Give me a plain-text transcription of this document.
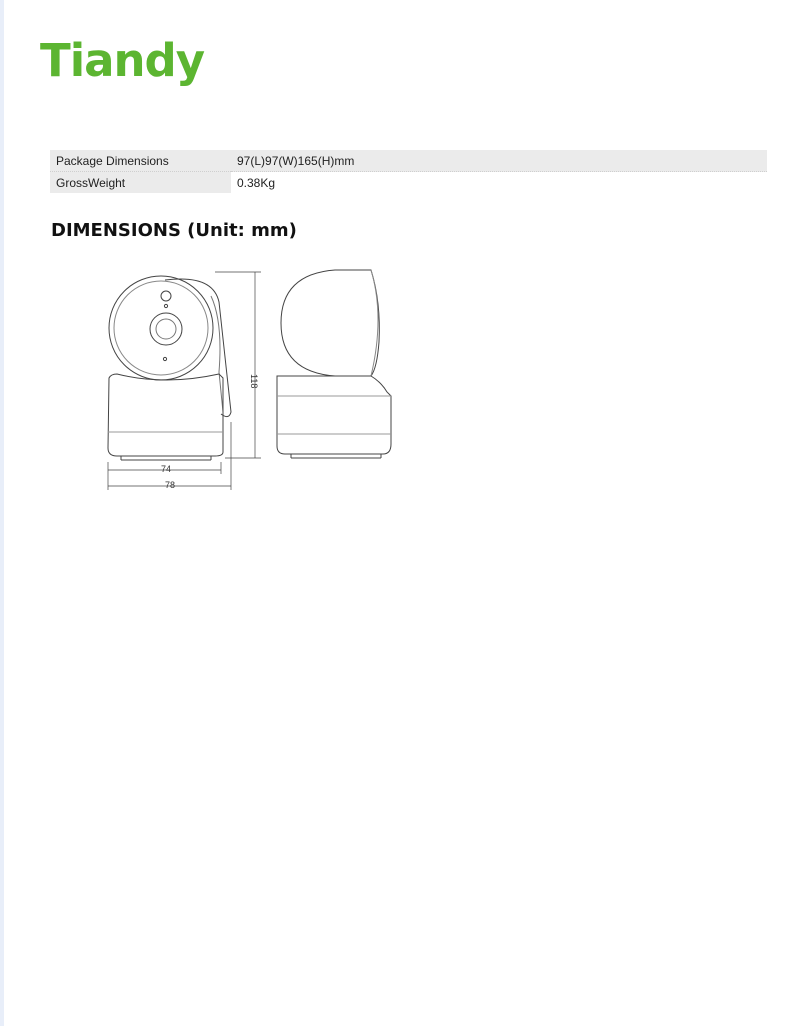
Tiandy
Package Dimensions	97(L)97(W)165(H)mm
GrossWeight	0.38Kg
DIMENSIONS (Unit: mm)
74
78
118
